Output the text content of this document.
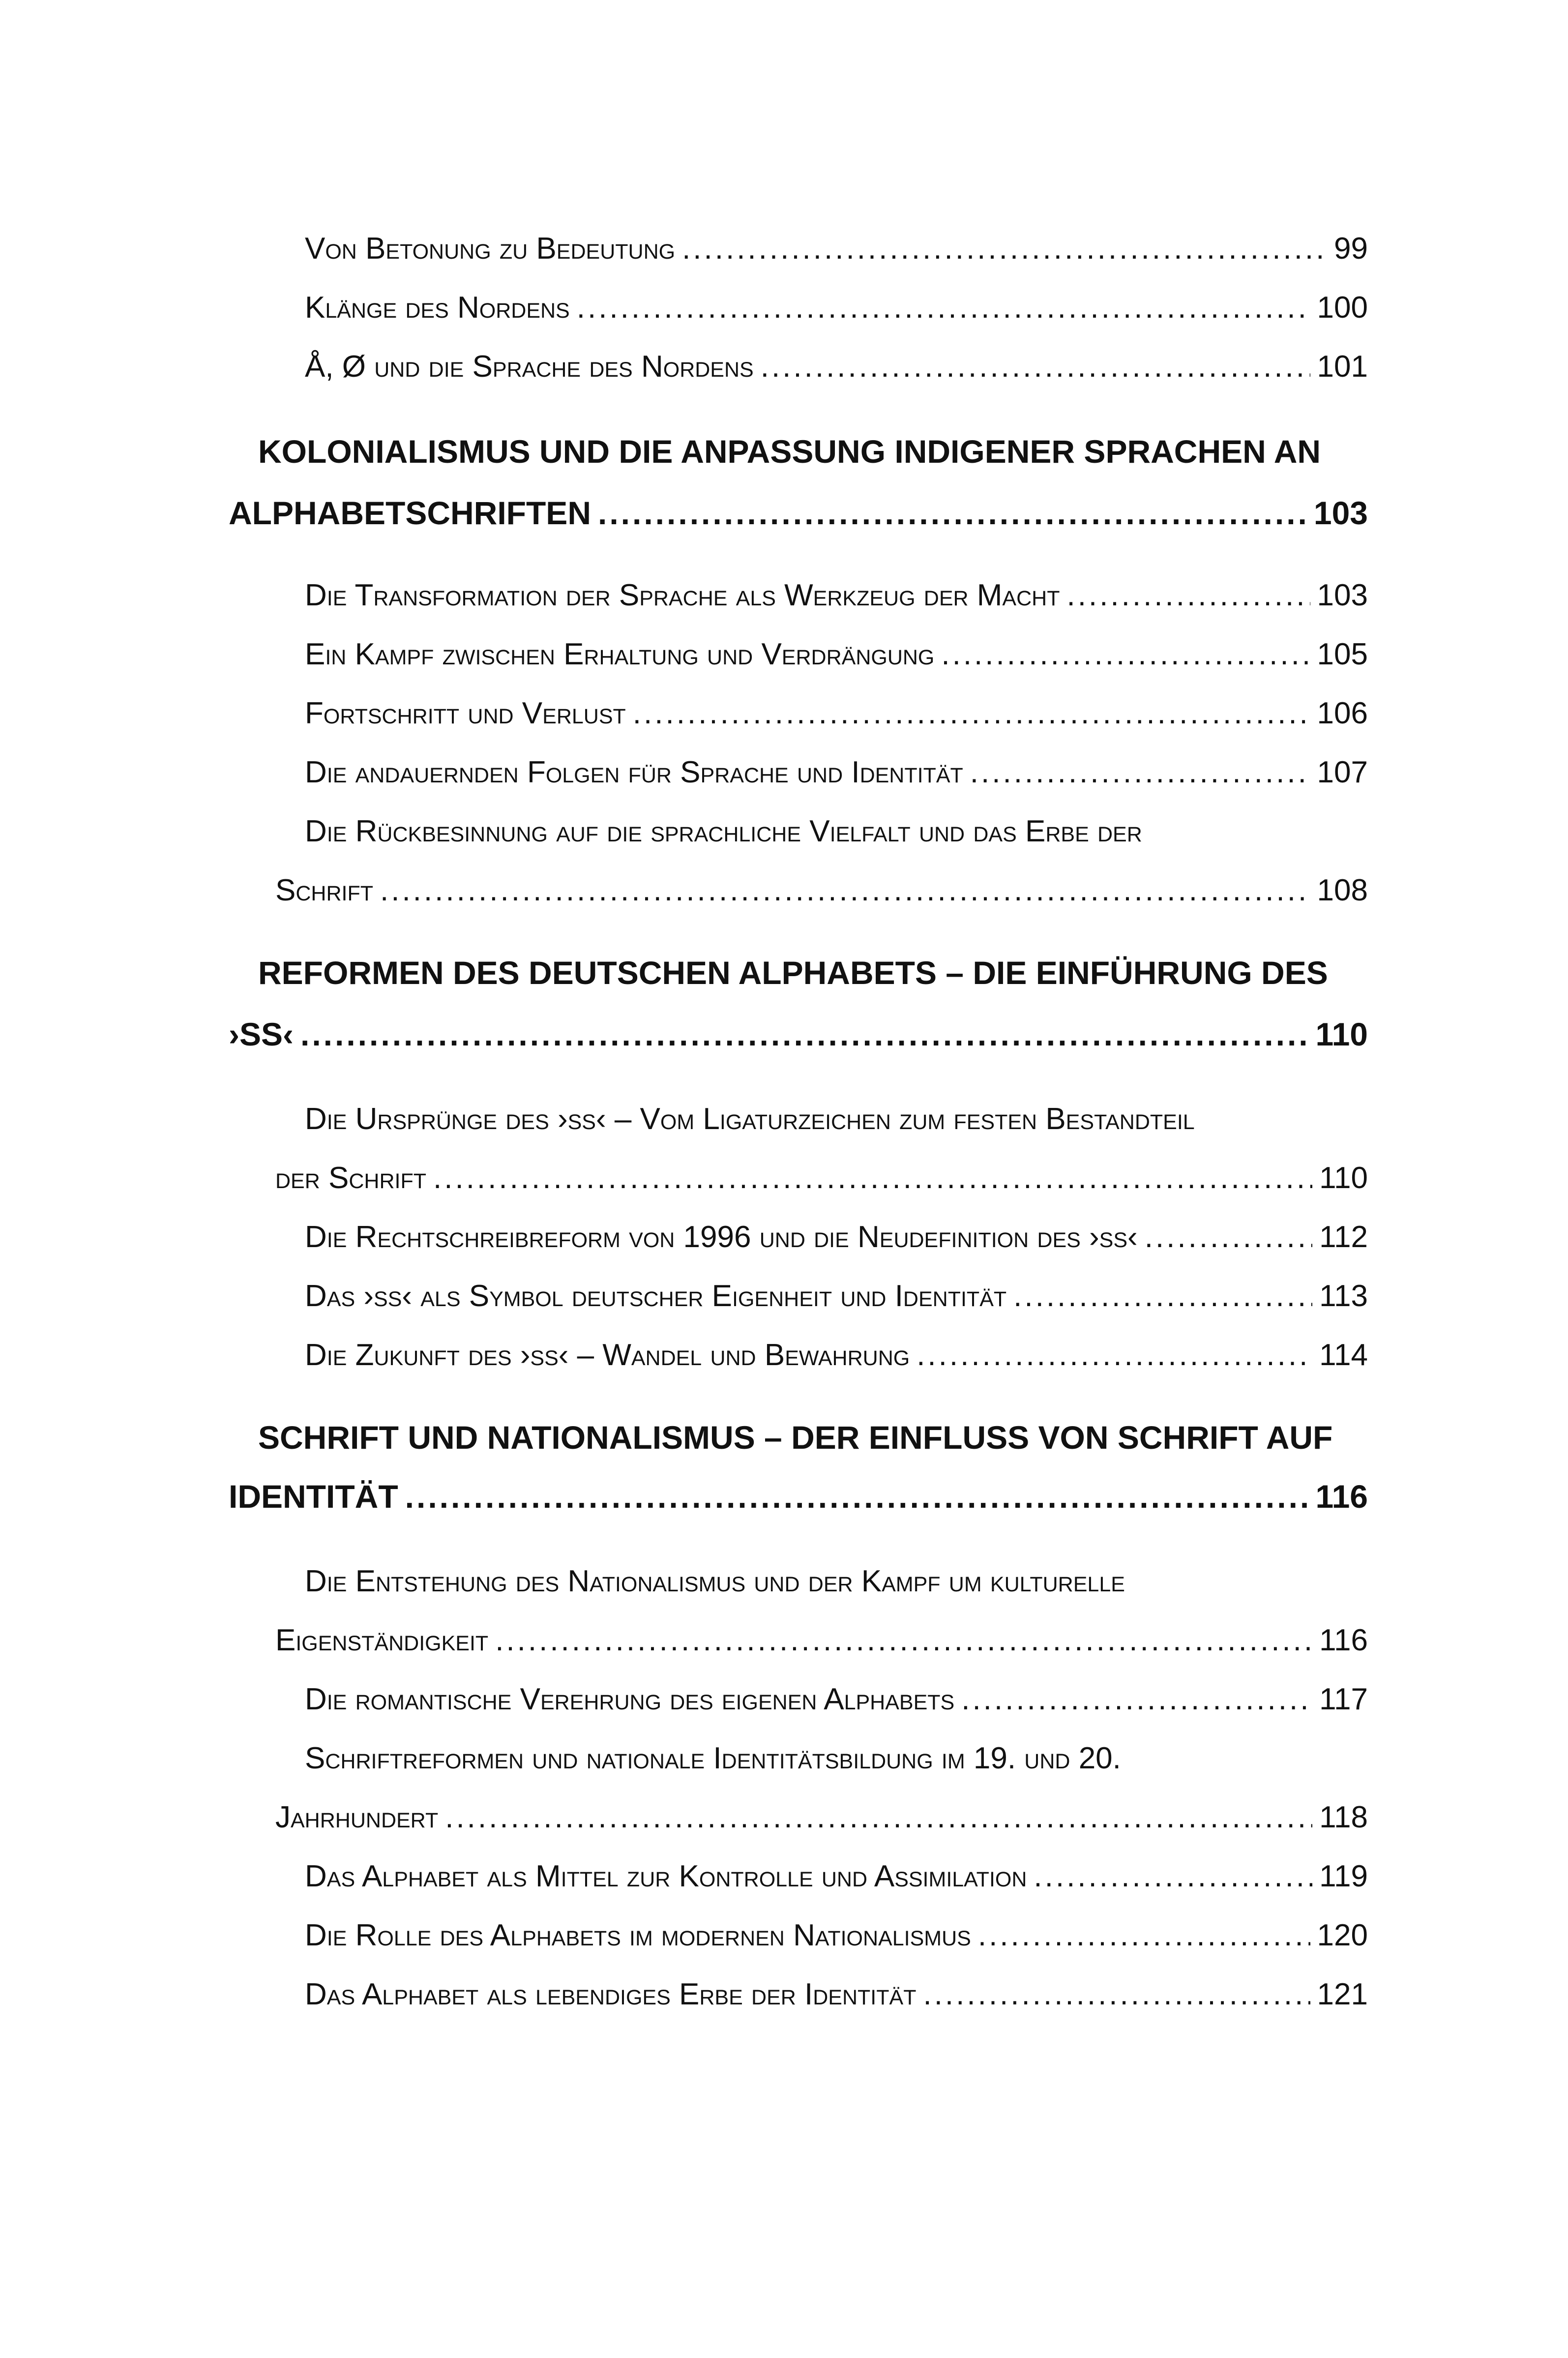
Von Betonung zu Bedeutung .....	99
Klänge des Nordens .....	100
Å, Ø und die Sprache des Nordens .....	101
KOLONIALISMUS UND DIE ANPASSUNG INDIGENER SPRACHEN AN
ALPHABETSCHRIFTEN .....	103
Die Transformation der Sprache als Werkzeug der Macht .....	103
Ein Kampf zwischen Erhaltung und Verdrängung .....	105
Fortschritt und Verlust .....	106
Die andauernden Folgen für Sprache und Identität .....	107
Die Rückbesinnung auf die sprachliche Vielfalt und das Erbe der
Schrift .....	108
REFORMEN DES DEUTSCHEN ALPHABETS – DIE EINFÜHRUNG DES
›SS‹ .....	110
Die Ursprünge des ›ß‹ – Vom Ligaturzeichen zum festen Bestandteil
der Schrift .....	110
Die Rechtschreibreform von 1996 und die Neudefinition des ›ß‹ .....	112
Das ›ß‹ als Symbol deutscher Eigenheit und Identität .....	113
Die Zukunft des ›ß‹ – Wandel und Bewahrung .....	114
SCHRIFT UND NATIONALISMUS – DER EINFLUSS VON SCHRIFT AUF
IDENTITÄT .....	116
Die Entstehung des Nationalismus und der Kampf um kulturelle
Eigenständigkeit .....	116
Die romantische Verehrung des eigenen Alphabets .....	117
Schriftreformen und nationale Identitätsbildung im 19. und 20.
Jahrhundert .....	118
Das Alphabet als Mittel zur Kontrolle und Assimilation .....	119
Die Rolle des Alphabets im modernen Nationalismus .....	120
Das Alphabet als lebendiges Erbe der Identität .....	121
